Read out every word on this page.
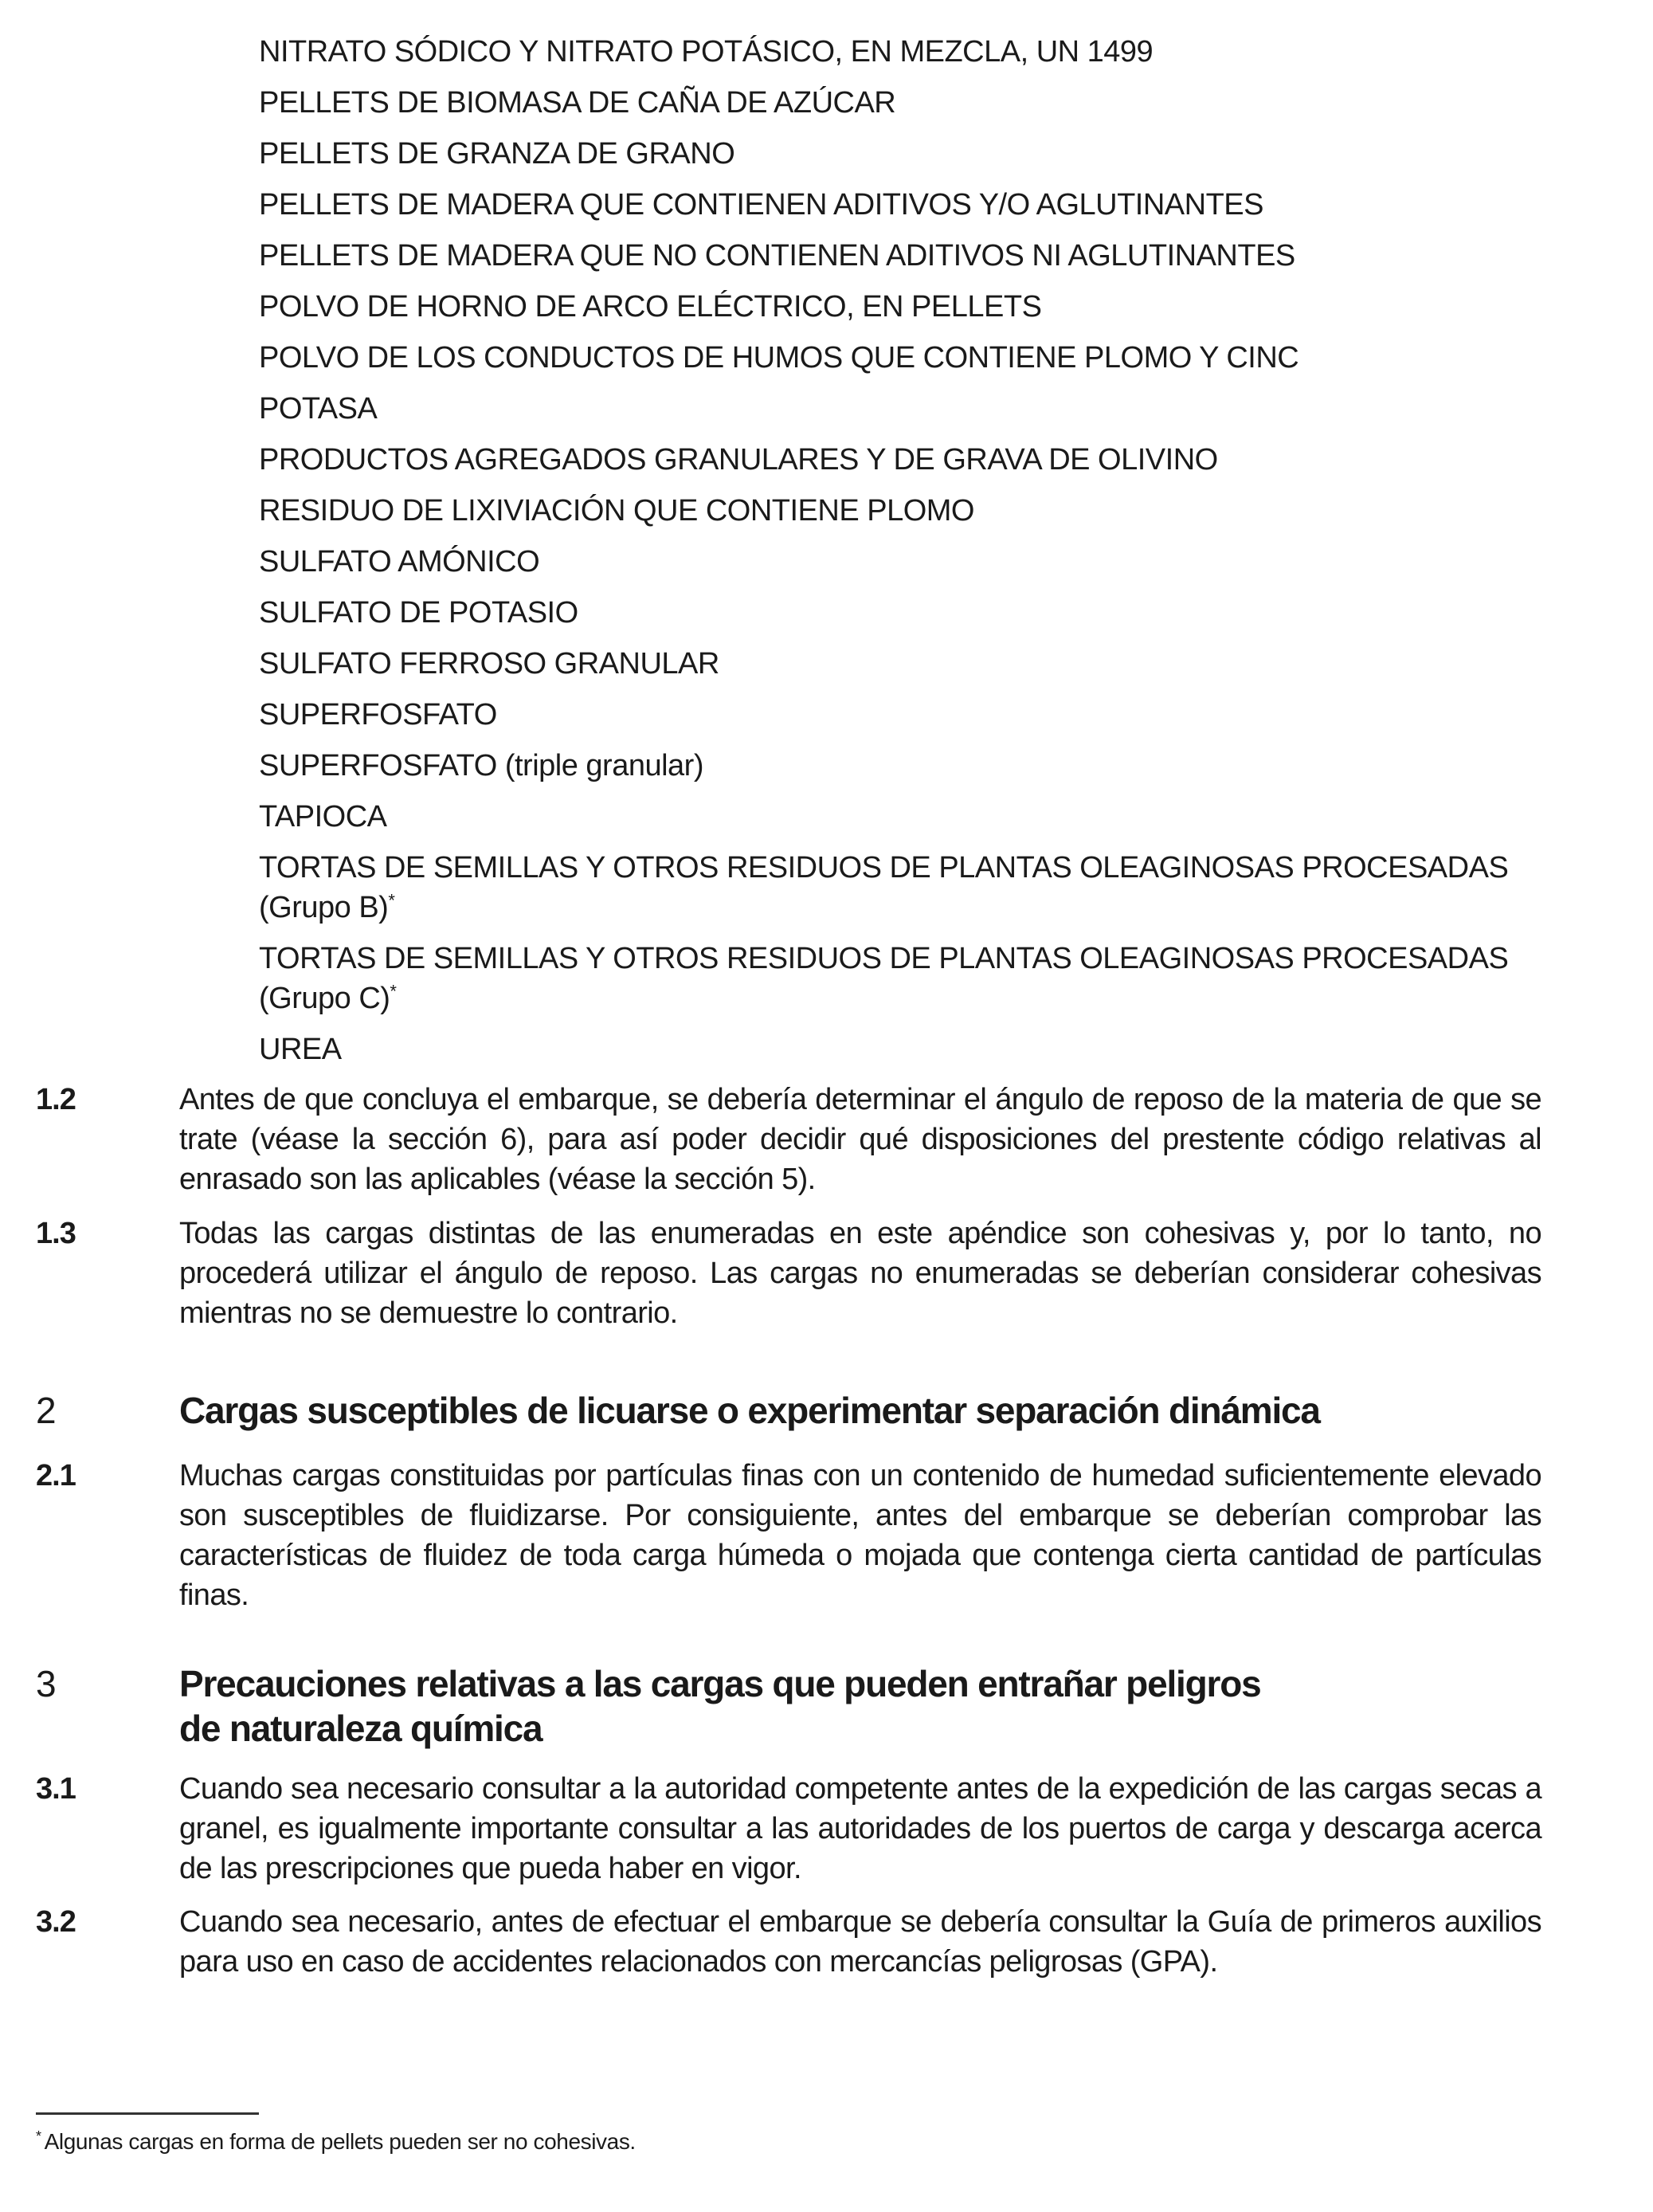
NITRATO SÓDICO Y NITRATO POTÁSICO, EN MEZCLA, UN 1499
PELLETS DE BIOMASA DE CAÑA DE AZÚCAR
PELLETS DE GRANZA DE GRANO
PELLETS DE MADERA QUE CONTIENEN ADITIVOS Y/O AGLUTINANTES
PELLETS DE MADERA QUE NO CONTIENEN ADITIVOS NI AGLUTINANTES
POLVO DE HORNO DE ARCO ELÉCTRICO, EN PELLETS
POLVO DE LOS CONDUCTOS DE HUMOS QUE CONTIENE PLOMO Y CINC
POTASA
PRODUCTOS AGREGADOS GRANULARES Y DE GRAVA DE OLIVINO
RESIDUO DE LIXIVIACIÓN QUE CONTIENE PLOMO
SULFATO AMÓNICO
SULFATO DE POTASIO
SULFATO FERROSO GRANULAR
SUPERFOSFATO
SUPERFOSFATO (triple granular)
TAPIOCA
TORTAS DE SEMILLAS Y OTROS RESIDUOS DE PLANTAS OLEAGINOSAS PROCESADAS
(Grupo B)*
TORTAS DE SEMILLAS Y OTROS RESIDUOS DE PLANTAS OLEAGINOSAS PROCESADAS
(Grupo C)*
UREA
1.2	Antes de que concluya el embarque, se debería determinar el ángulo de reposo de la materia de que se trate (véase la sección 6), para así poder decidir qué disposiciones del prestente código relativas al enrasado son las aplicables (véase la sección 5).
1.3	Todas las cargas distintas de las enumeradas en este apéndice son cohesivas y, por lo tanto, no procederá utilizar el ángulo de reposo. Las cargas no enumeradas se deberían considerar cohesivas mientras no se demuestre lo contrario.
2	Cargas susceptibles de licuarse o experimentar separación dinámica
2.1	Muchas cargas constituidas por partículas finas con un contenido de humedad suficientemente elevado son susceptibles de fluidizarse. Por consiguiente, antes del embarque se deberían comprobar las características de fluidez de toda carga húmeda o mojada que contenga cierta cantidad de partículas finas.
3	Precauciones relativas a las cargas que pueden entrañar peligros
de naturaleza química
3.1	Cuando sea necesario consultar a la autoridad competente antes de la expedición de las cargas secas a granel, es igualmente importante consultar a las autoridades de los puertos de carga y descarga acerca de las prescripciones que pueda haber en vigor.
3.2	Cuando sea necesario, antes de efectuar el embarque se debería consultar la Guía de primeros auxilios para uso en caso de accidentes relacionados con mercancías peligrosas (GPA).
* Algunas cargas en forma de pellets pueden ser no cohesivas.
